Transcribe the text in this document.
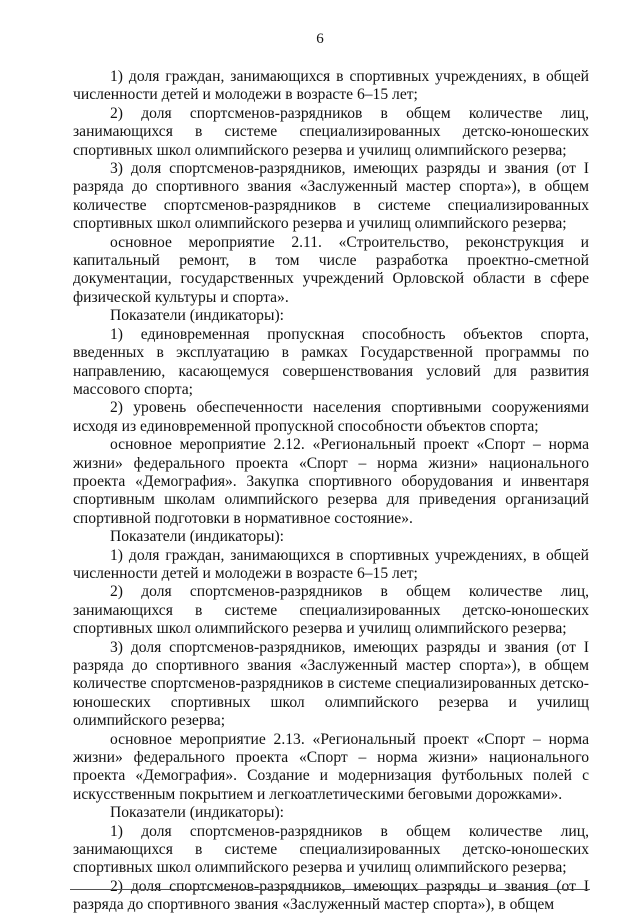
6

1) доля граждан, занимающихся в спортивных учреждениях, в общей численности детей и молодежи в возрасте 6–15 лет;

2) доля спортсменов-разрядников в общем количестве лиц, занимающихся в системе специализированных детско-юношеских спортивных школ олимпийского резерва и училищ олимпийского резерва;

3) доля спортсменов-разрядников, имеющих разряды и звания (от I разряда до спортивного звания «Заслуженный мастер спорта»), в общем количестве спортсменов-разрядников в системе специализированных спортивных школ олимпийского резерва и училищ олимпийского резерва;

основное мероприятие 2.11. «Строительство, реконструкция и капитальный ремонт, в том числе разработка проектно-сметной документации, государственных учреждений Орловской области в сфере физической культуры и спорта».

Показатели (индикаторы):

1) единовременная пропускная способность объектов спорта, введенных в эксплуатацию в рамках Государственной программы по направлению, касающемуся совершенствования условий для развития массового спорта;

2) уровень обеспеченности населения спортивными сооружениями исходя из единовременной пропускной способности объектов спорта;

основное мероприятие 2.12. «Региональный проект «Спорт – норма жизни» федерального проекта «Спорт – норма жизни» национального проекта «Демография». Закупка спортивного оборудования и инвентаря спортивным школам олимпийского резерва для приведения организаций спортивной подготовки в нормативное состояние».

Показатели (индикаторы):

1) доля граждан, занимающихся в спортивных учреждениях, в общей численности детей и молодежи в возрасте 6–15 лет;

2) доля спортсменов-разрядников в общем количестве лиц, занимающихся в системе специализированных детско-юношеских спортивных школ олимпийского резерва и училищ олимпийского резерва;

3) доля спортсменов-разрядников, имеющих разряды и звания (от I разряда до спортивного звания «Заслуженный мастер спорта»), в общем количестве спортсменов-разрядников в системе специализированных детско-юношеских спортивных школ олимпийского резерва и училищ олимпийского резерва;

основное мероприятие 2.13. «Региональный проект «Спорт – норма жизни» федерального проекта «Спорт – норма жизни» национального проекта «Демография». Создание и модернизация футбольных полей с искусственным покрытием и легкоатлетическими беговыми дорожками».

Показатели (индикаторы):

1) доля спортсменов-разрядников в общем количестве лиц, занимающихся в системе специализированных детско-юношеских спортивных школ олимпийского резерва и училищ олимпийского резерва;

2) доля спортсменов-разрядников, имеющих разряды и звания (от I разряда до спортивного звания «Заслуженный мастер спорта»), в общем
